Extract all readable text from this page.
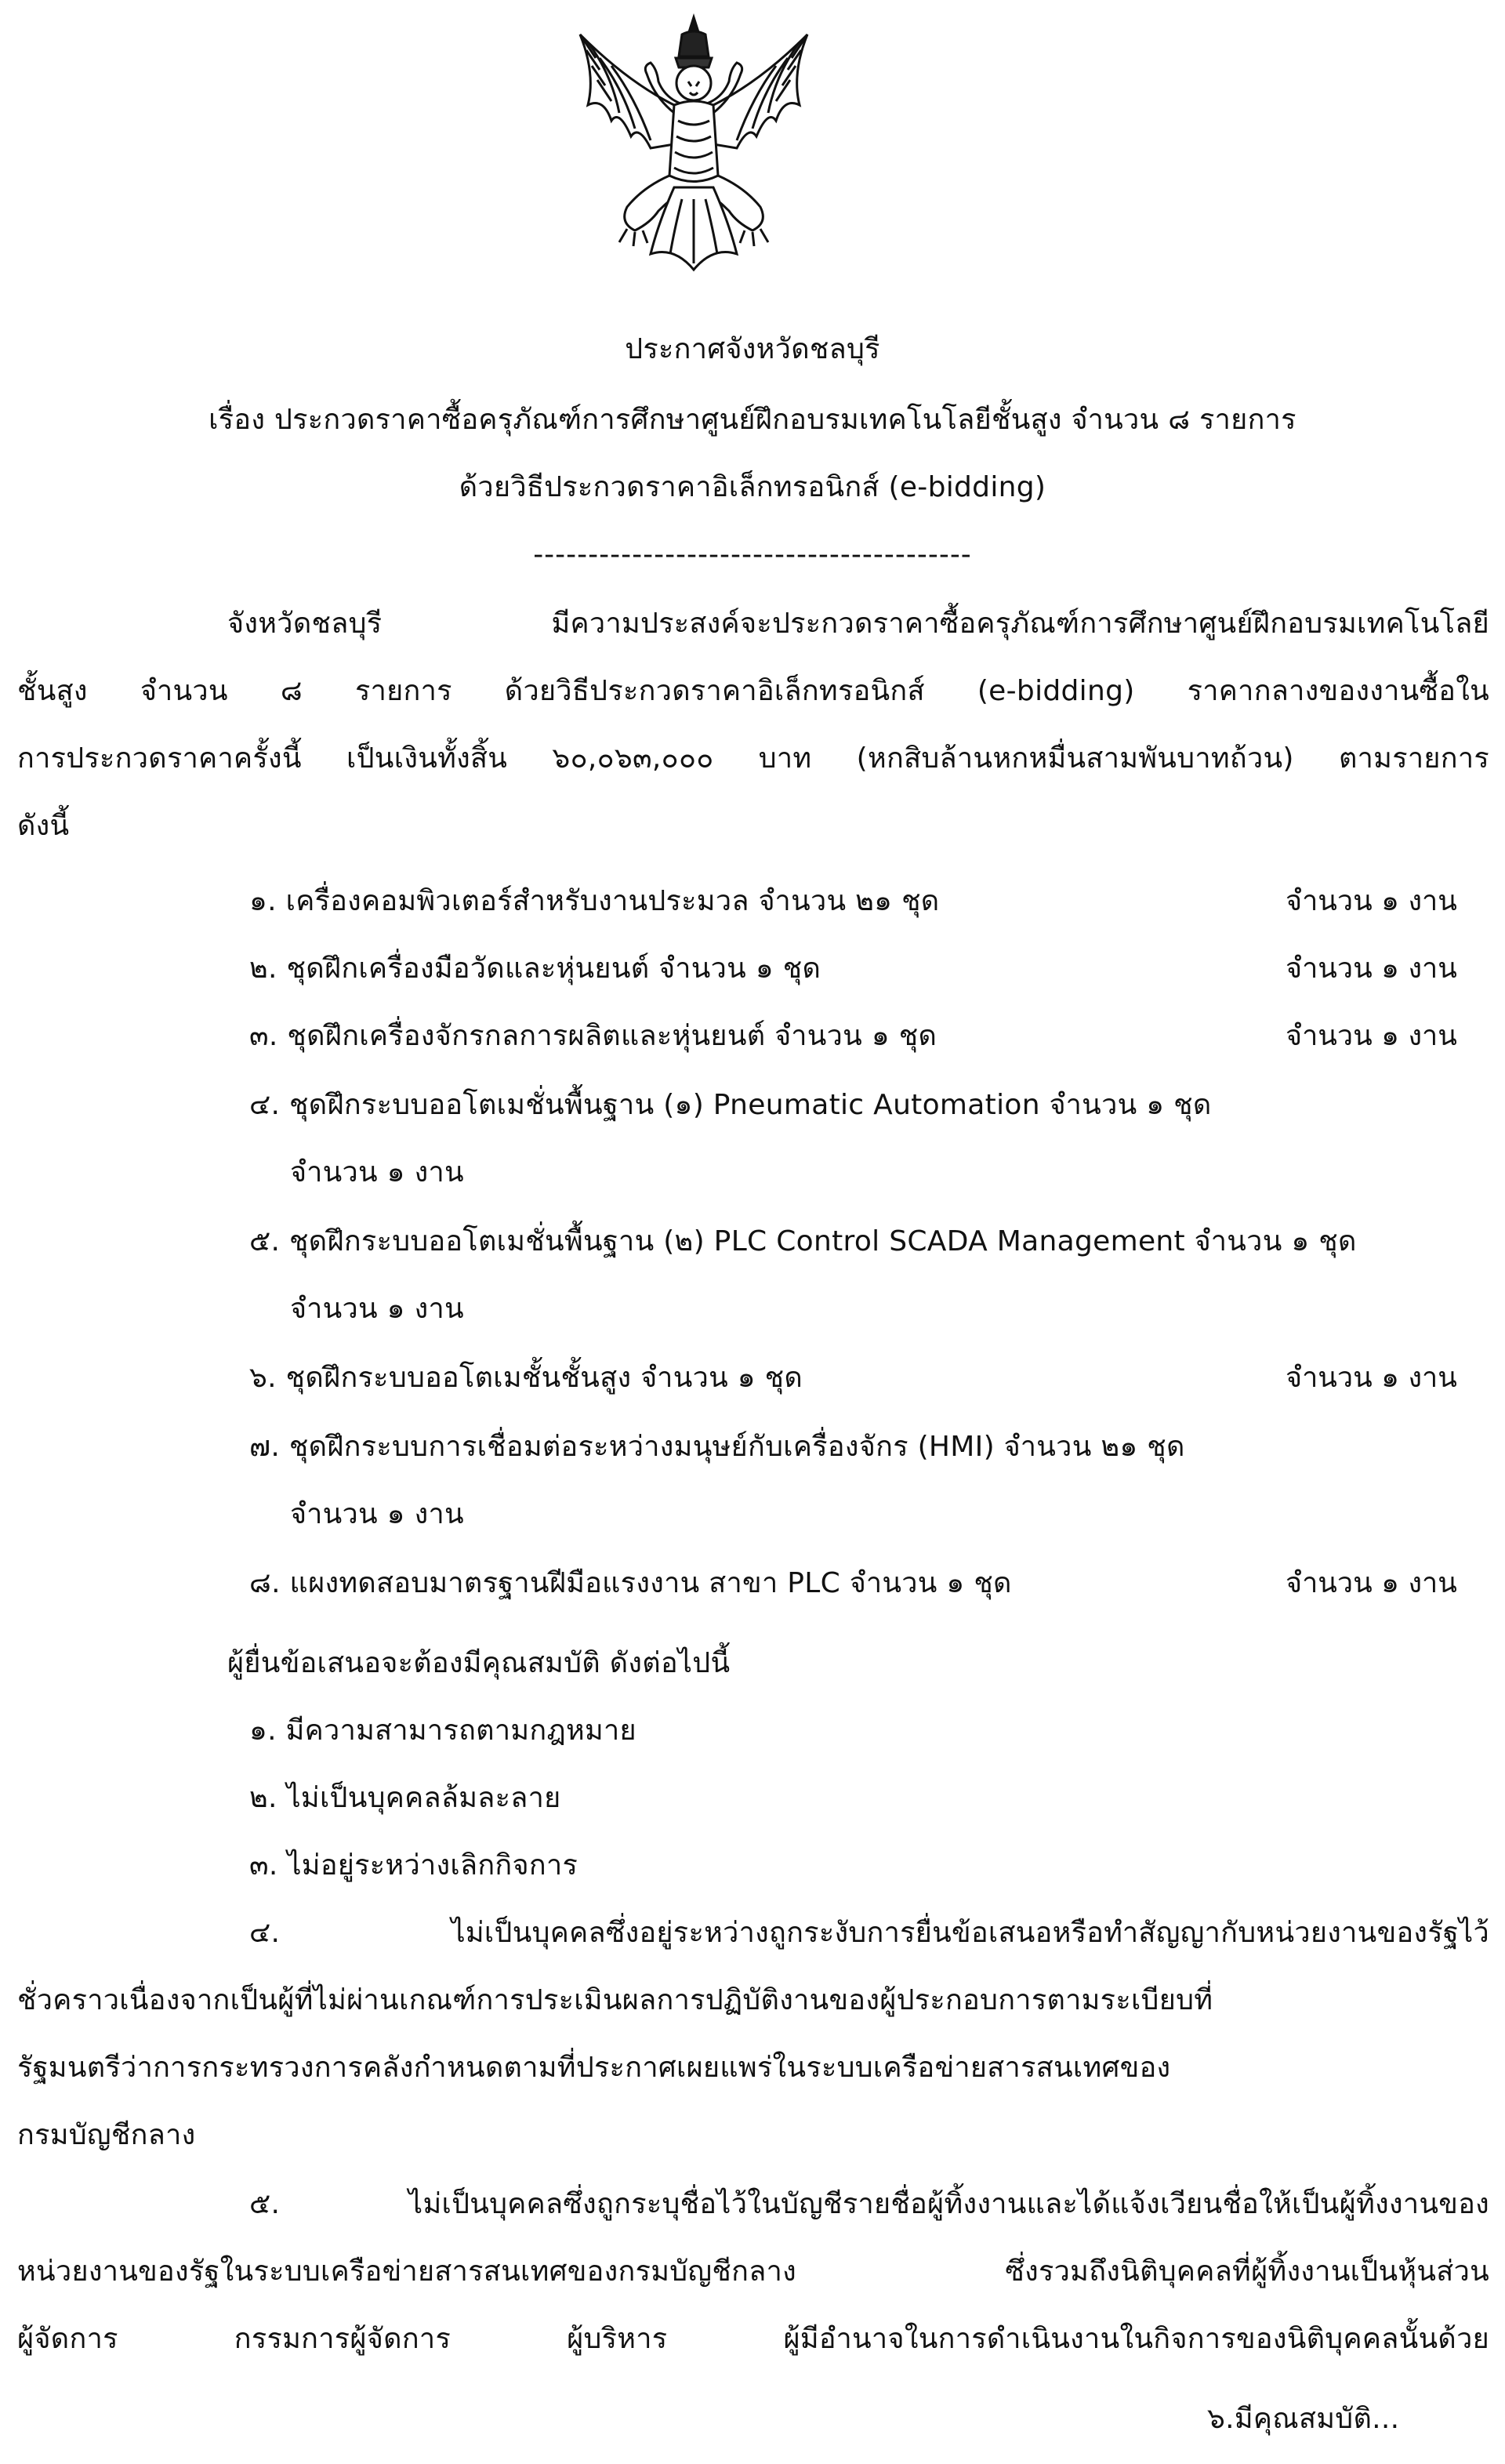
ประกาศจังหวัดชลบุรี
เรื่อง ประกวดราคาซื้อครุภัณฑ์การศึกษาศูนย์ฝึกอบรมเทคโนโลยีชั้นสูง จำนวน ๘ รายการ
ด้วยวิธีประกวดราคาอิเล็กทรอนิกส์ (e-bidding)
----------------------------------------
จังหวัดชลบุรี มีความประสงค์จะประกวดราคาซื้อครุภัณฑ์การศึกษาศูนย์ฝึกอบรมเทคโนโลยี
ชั้นสูง จำนวน ๘ รายการ ด้วยวิธีประกวดราคาอิเล็กทรอนิกส์ (e-bidding) ราคากลางของงานซื้อใน
การประกวดราคาครั้งนี้ เป็นเงินทั้งสิ้น ๖๐,๐๖๓,๐๐๐ บาท (หกสิบล้านหกหมื่นสามพันบาทถ้วน) ตามรายการ
ดังนี้
๑. เครื่องคอมพิวเตอร์สำหรับงานประมวล จำนวน ๒๑ ชุด	จำนวน ๑ งาน
๒. ชุดฝึกเครื่องมือวัดและหุ่นยนต์ จำนวน ๑ ชุด	จำนวน ๑ งาน
๓. ชุดฝึกเครื่องจักรกลการผลิตและหุ่นยนต์ จำนวน ๑ ชุด	จำนวน ๑ งาน
๔. ชุดฝึกระบบออโตเมชั่นพื้นฐาน (๑) Pneumatic Automation จำนวน ๑ ชุด
จำนวน ๑ งาน
๕. ชุดฝึกระบบออโตเมชั่นพื้นฐาน (๒) PLC Control SCADA Management จำนวน ๑ ชุด
จำนวน ๑ งาน
๖. ชุดฝึกระบบออโตเมชั้นชั้นสูง จำนวน ๑ ชุด	จำนวน ๑ งาน
๗. ชุดฝึกระบบการเชื่อมต่อระหว่างมนุษย์กับเครื่องจักร (HMI) จำนวน ๒๑ ชุด
จำนวน ๑ งาน
๘. แผงทดสอบมาตรฐานฝีมือแรงงาน สาขา PLC จำนวน ๑ ชุด	จำนวน ๑ งาน
ผู้ยื่นข้อเสนอจะต้องมีคุณสมบัติ ดังต่อไปนี้
๑. มีความสามารถตามกฎหมาย
๒. ไม่เป็นบุคคลล้มละลาย
๓. ไม่อยู่ระหว่างเลิกกิจการ
๔. ไม่เป็นบุคคลซึ่งอยู่ระหว่างถูกระงับการยื่นข้อเสนอหรือทำสัญญากับหน่วยงานของรัฐไว้
ชั่วคราวเนื่องจากเป็นผู้ที่ไม่ผ่านเกณฑ์การประเมินผลการปฏิบัติงานของผู้ประกอบการตามระเบียบที่
รัฐมนตรีว่าการกระทรวงการคลังกำหนดตามที่ประกาศเผยแพร่ในระบบเครือข่ายสารสนเทศของ
กรมบัญชีกลาง
๕. ไม่เป็นบุคคลซึ่งถูกระบุชื่อไว้ในบัญชีรายชื่อผู้ทิ้งงานและได้แจ้งเวียนชื่อให้เป็นผู้ทิ้งงานของ
หน่วยงานของรัฐในระบบเครือข่ายสารสนเทศของกรมบัญชีกลาง ซึ่งรวมถึงนิติบุคคลที่ผู้ทิ้งงานเป็นหุ้นส่วน
ผู้จัดการ กรรมการผู้จัดการ ผู้บริหาร ผู้มีอำนาจในการดำเนินงานในกิจการของนิติบุคคลนั้นด้วย
๖.มีคุณสมบัติ...
